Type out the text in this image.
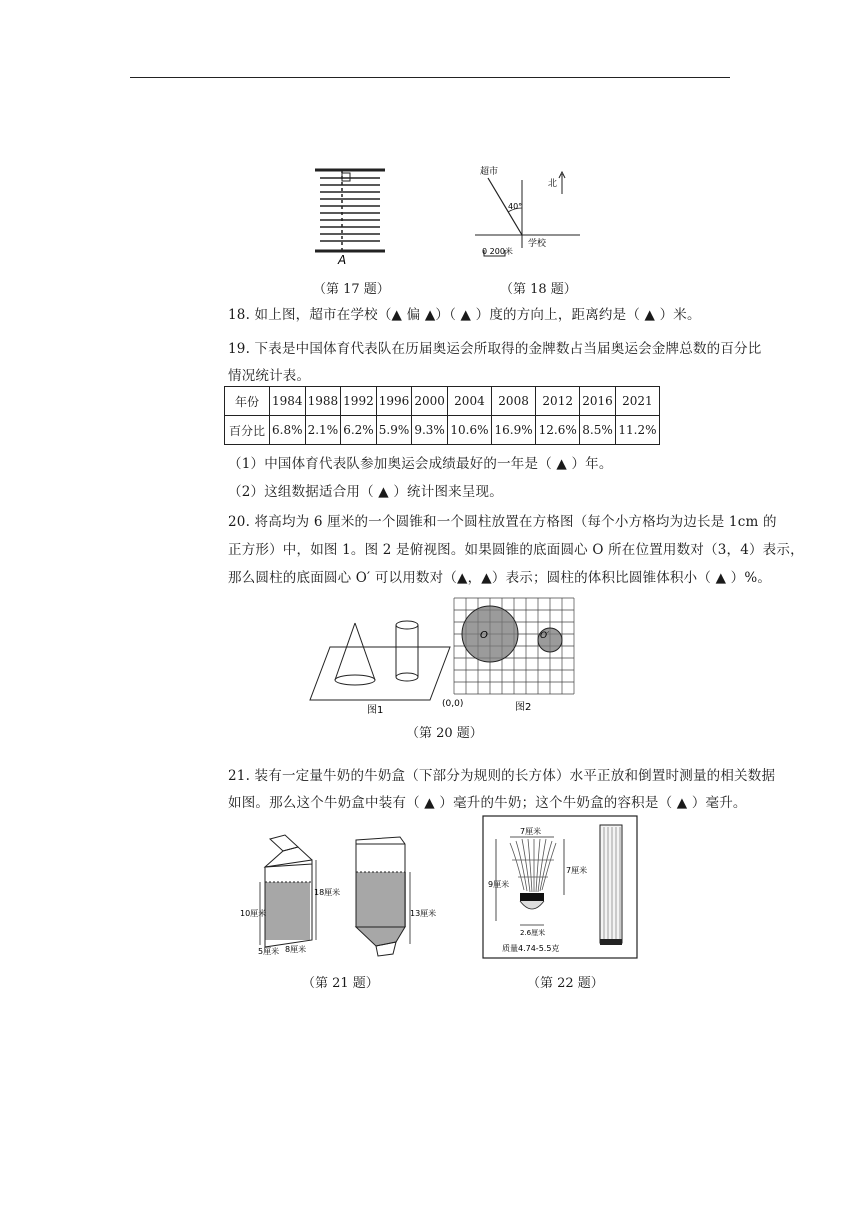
A
（第 17 题）
超市
40°
北
学校
0 200米
（第 18 题）
18. 如上图，超市在学校（▲ 偏 ▲）（ ▲ ）度的方向上，距离约是（ ▲ ）米。
19. 下表是中国体育代表队在历届奥运会所取得的金牌数占当届奥运会金牌总数的百分比
情况统计表。
年份	1984	1988	1992	1996	2000	2004	2008	2012	2016	2021
百分比	6.8%	2.1%	6.2%	5.9%	9.3%	10.6%	16.9%	12.6%	8.5%	11.2%
（1）中国体育代表队参加奥运会成绩最好的一年是（ ▲ ）年。
（2）这组数据适合用（ ▲ ）统计图来呈现。
20. 将高均为 6 厘米的一个圆锥和一个圆柱放置在方格图（每个小方格均为边长是 1cm 的
正方形）中，如图 1。图 2 是俯视图。如果圆锥的底面圆心 O 所在位置用数对（3，4）表示，
那么圆柱的底面圆心 O′ 可以用数对（▲，▲）表示；圆柱的体积比圆锥体积小（ ▲ ）%。
图1
O	O′
(0,0)	图2
（第 20 题）
21. 装有一定量牛奶的牛奶盒（下部分为规则的长方体）水平正放和倒置时测量的相关数据
如图。那么这个牛奶盒中装有（ ▲ ）毫升的牛奶；这个牛奶盒的容积是（ ▲ ）毫升。
10厘米
18厘米
5厘米 8厘米
13厘米
（第 21 题）
7厘米
9厘米
7厘米
2.6厘米
质量4.74-5.5克
（第 22 题）
